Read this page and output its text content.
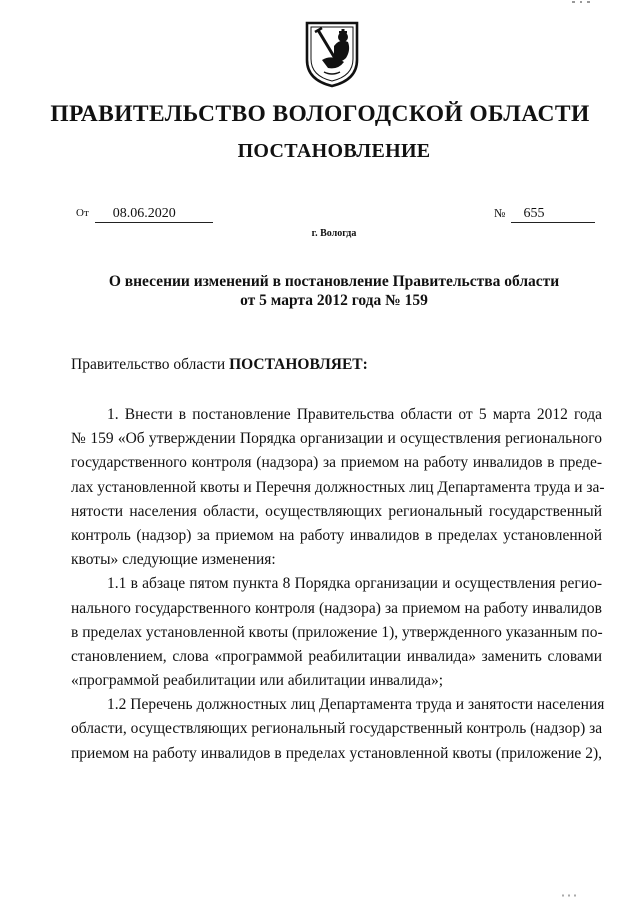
ПРАВИТЕЛЬСТВО ВОЛОГОДСКОЙ ОБЛАСТИ
ПОСТАНОВЛЕНИЕ
От 08.06.2020	№ 655
г. Вологда
О внесении изменений в постановление Правительства области
от 5 марта 2012 года № 159
Правительство области ПОСТАНОВЛЯЕТ:
1. Внести в постановление Правительства области от 5 марта 2012 года
№ 159 «Об утверждении Порядка организации и осуществления регионального
государственного контроля (надзора) за приемом на работу инвалидов в преде-
лах установленной квоты и Перечня должностных лиц Департамента труда и за-
нятости населения области, осуществляющих региональный государственный
контроль (надзор) за приемом на работу инвалидов в пределах установленной
квоты» следующие изменения:
1.1 в абзаце пятом пункта 8 Порядка организации и осуществления регио-
нального государственного контроля (надзора) за приемом на работу инвалидов
в пределах установленной квоты (приложение 1), утвержденного указанным по-
становлением, слова «программой реабилитации инвалида» заменить словами
«программой реабилитации или абилитации инвалида»;
1.2 Перечень должностных лиц Департамента труда и занятости населения
области, осуществляющих региональный государственный контроль (надзор) за
приемом на работу инвалидов в пределах установленной квоты (приложение 2),
